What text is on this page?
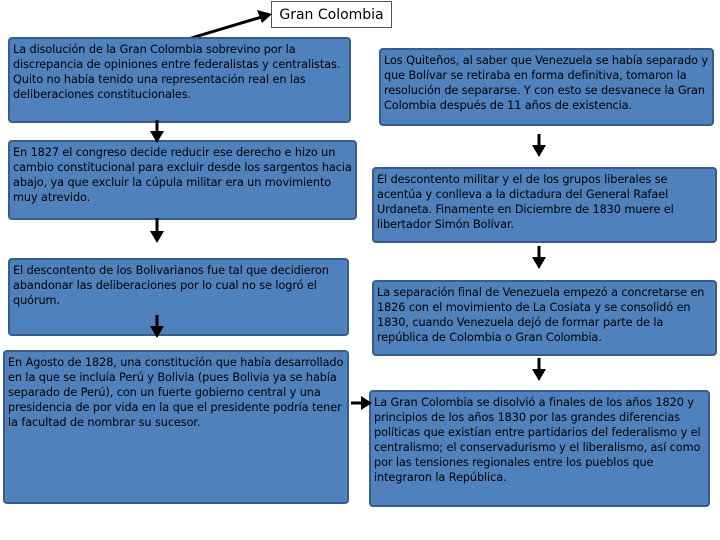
Gran Colombia
La disolución de la Gran Colombia sobrevino por la discrepancia de opiniones entre federalistas y centralistas. Quito no había tenido una representación real en las deliberaciones constitucionales.
En 1827 el congreso decide reducir ese derecho e hizo un cambio constitucional para excluir desde los sargentos hacia abajo, ya que excluir la cúpula militar era un movimiento muy atrevido.
El descontento de los Bolivarianos fue tal que decidieron abandonar las deliberaciones por lo cual no se logró el quórum.
En Agosto de 1828, una constitución que había desarrollado en la que se incluía Perú y Bolivia (pues Bolivia ya se había separado de Perú), con un fuerte gobierno central y una presidencia de por vida en la que el presidente podría tener la facultad de nombrar su sucesor.
Los Quiteños, al saber que Venezuela se había separado y que Bolívar se retiraba en forma definitiva, tomaron la resolución de separarse. Y con esto se desvanece la Gran Colombia después de 11 años de existencia.
El descontento militar y el de los grupos liberales se acentúa y conlleva a la dictadura del General Rafael Urdaneta. Finamente en Diciembre de 1830 muere el libertador Simón Bolívar.
La separación final de Venezuela empezó a concretarse en 1826 con el movimiento de La Cosiata y se consolidó en 1830, cuando Venezuela dejó de formar parte de la república de Colombia o Gran Colombia.
La Gran Colombia se disolvió a finales de los años 1820 y principios de los años 1830 por las grandes diferencias políticas que existían entre partidarios del federalismo y el centralismo; el conservadurismo y el liberalismo, así como por las tensiones regionales entre los pueblos que integraron la República.
